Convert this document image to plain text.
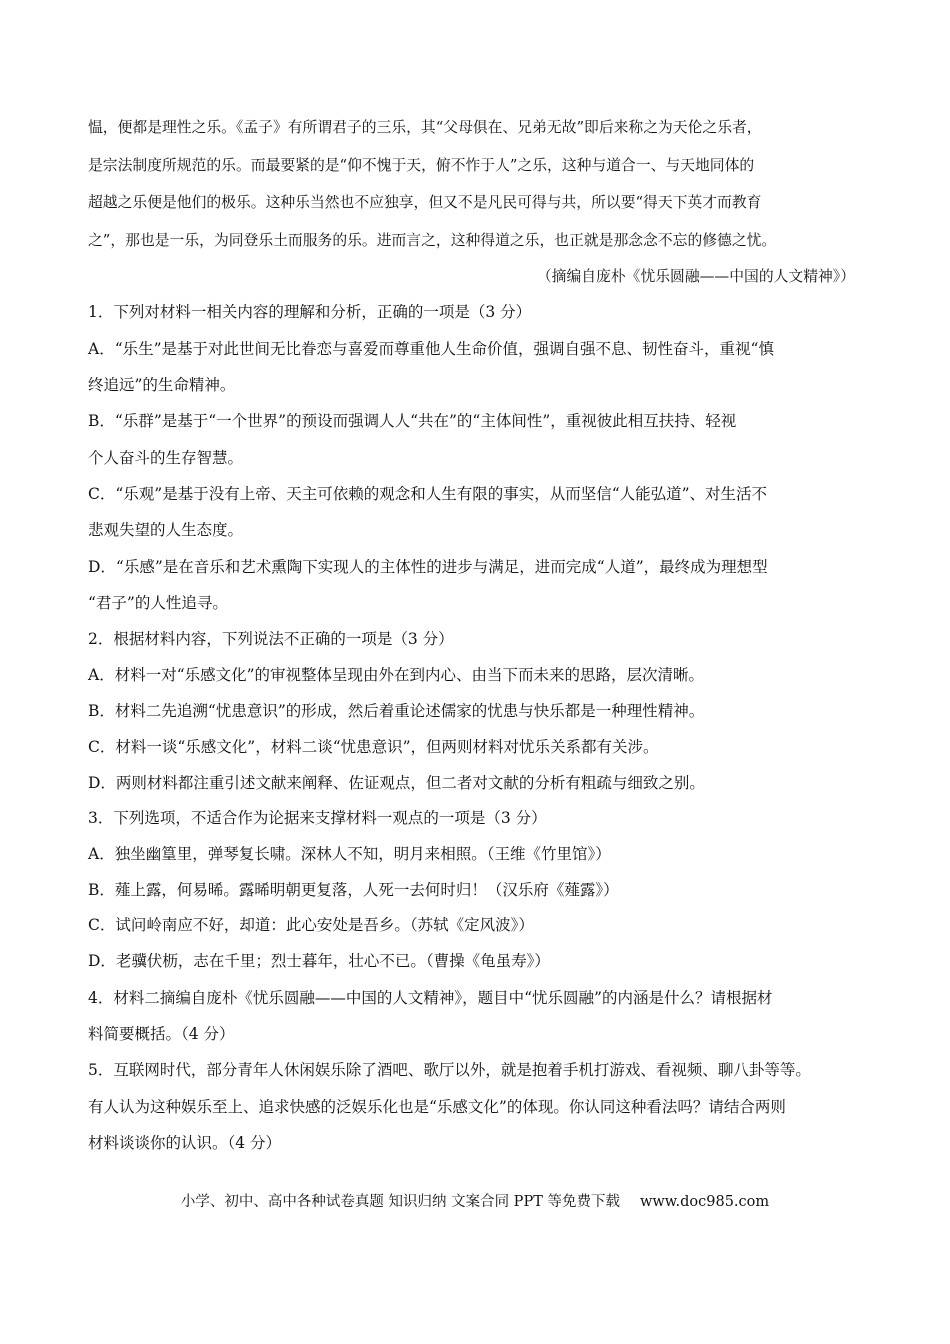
愠，便都是理性之乐。《孟子》有所谓君子的三乐，其“父母俱在、兄弟无故”即后来称之为天伦之乐者，
是宗法制度所规范的乐。而最要紧的是“仰不愧于天，俯不怍于人”之乐，这种与道合一、与天地同体的
超越之乐便是他们的极乐。这种乐当然也不应独享，但又不是凡民可得与共，所以要“得天下英才而教育
之”，那也是一乐，为同登乐土而服务的乐。进而言之，这种得道之乐，也正就是那念念不忘的修德之忧。
（摘编自庞朴《忧乐圆融——中国的人文精神》）
1．下列对材料一相关内容的理解和分析，正确的一项是（3 分）
A．“乐生”是基于对此世间无比眷恋与喜爱而尊重他人生命价值，强调自强不息、韧性奋斗，重视“慎
终追远”的生命精神。
B．“乐群”是基于“一个世界”的预设而强调人人“共在”的“主体间性”，重视彼此相互扶持、轻视
个人奋斗的生存智慧。
C．“乐观”是基于没有上帝、天主可依赖的观念和人生有限的事实，从而坚信“人能弘道”、对生活不
悲观失望的人生态度。
D．“乐感”是在音乐和艺术熏陶下实现人的主体性的进步与满足，进而完成“人道”，最终成为理想型
“君子”的人性追寻。
2．根据材料内容，下列说法不正确的一项是（3 分）
A．材料一对“乐感文化”的审视整体呈现由外在到内心、由当下而未来的思路，层次清晰。
B．材料二先追溯“忧患意识”的形成，然后着重论述儒家的忧患与快乐都是一种理性精神。
C．材料一谈“乐感文化”，材料二谈“忧患意识”，但两则材料对忧乐关系都有关涉。
D．两则材料都注重引述文献来阐释、佐证观点，但二者对文献的分析有粗疏与细致之别。
3．下列选项，不适合作为论据来支撑材料一观点的一项是（3 分）
A．独坐幽篁里，弹琴复长啸。深林人不知，明月来相照。（王维《竹里馆》）
B．薤上露，何易晞。露晞明朝更复落，人死一去何时归！（汉乐府《薤露》）
C．试问岭南应不好，却道：此心安处是吾乡。（苏轼《定风波》）
D．老骥伏枥，志在千里；烈士暮年，壮心不已。（曹操《龟虽寿》）
4．材料二摘编自庞朴《忧乐圆融——中国的人文精神》，题目中“忧乐圆融”的内涵是什么？请根据材
料简要概括。（4 分）
5．互联网时代，部分青年人休闲娱乐除了酒吧、歌厅以外，就是抱着手机打游戏、看视频、聊八卦等等。
有人认为这种娱乐至上、追求快感的泛娱乐化也是“乐感文化”的体现。你认同这种看法吗？请结合两则
材料谈谈你的认识。（4 分）
小学、初中、高中各种试卷真题 知识归纳 文案合同 PPT 等免费下载 www.doc985.com
